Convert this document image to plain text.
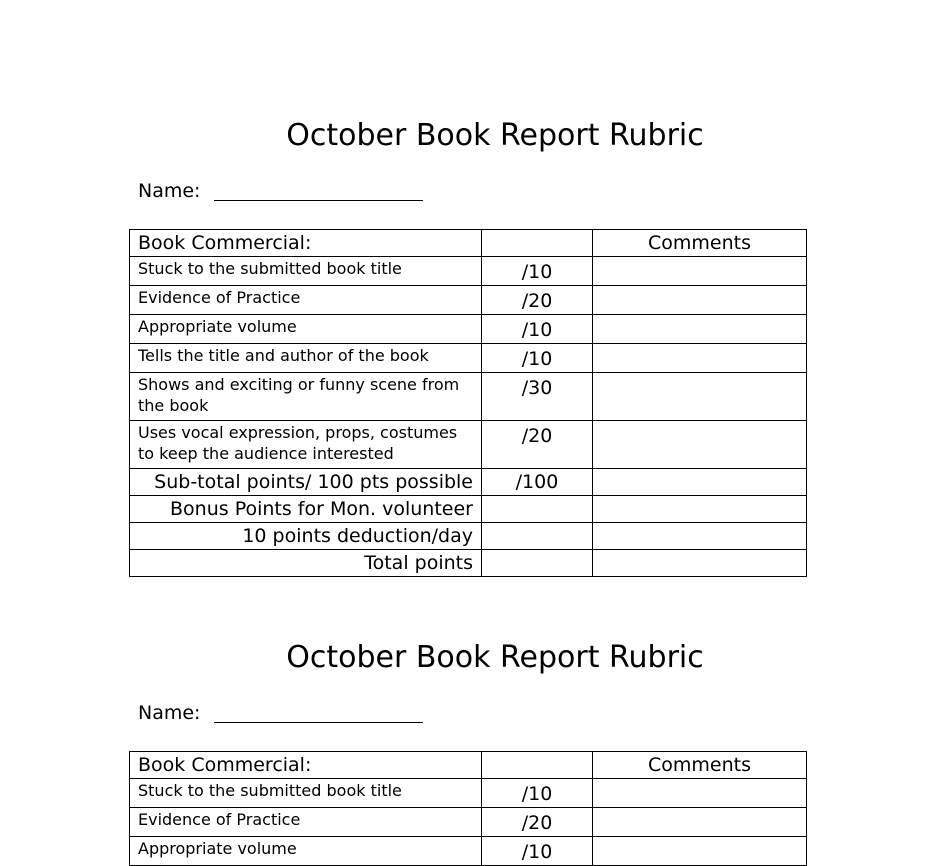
October Book Report Rubric
Name:
Book Commercial:		Comments
Stuck to the submitted book title	/10	
Evidence of Practice	/20	
Appropriate volume	/10	
Tells the title and author of the book	/10	
Shows and exciting or funny scene from the book	/30	
Uses vocal expression, props, costumes to keep the audience interested	/20	
Sub-total points/ 100 pts possible	/100	
Bonus Points for Mon. volunteer		
10 points deduction/day		
Total points		
October Book Report Rubric
Name:
Book Commercial:		Comments
Stuck to the submitted book title	/10	
Evidence of Practice	/20	
Appropriate volume	/10	
